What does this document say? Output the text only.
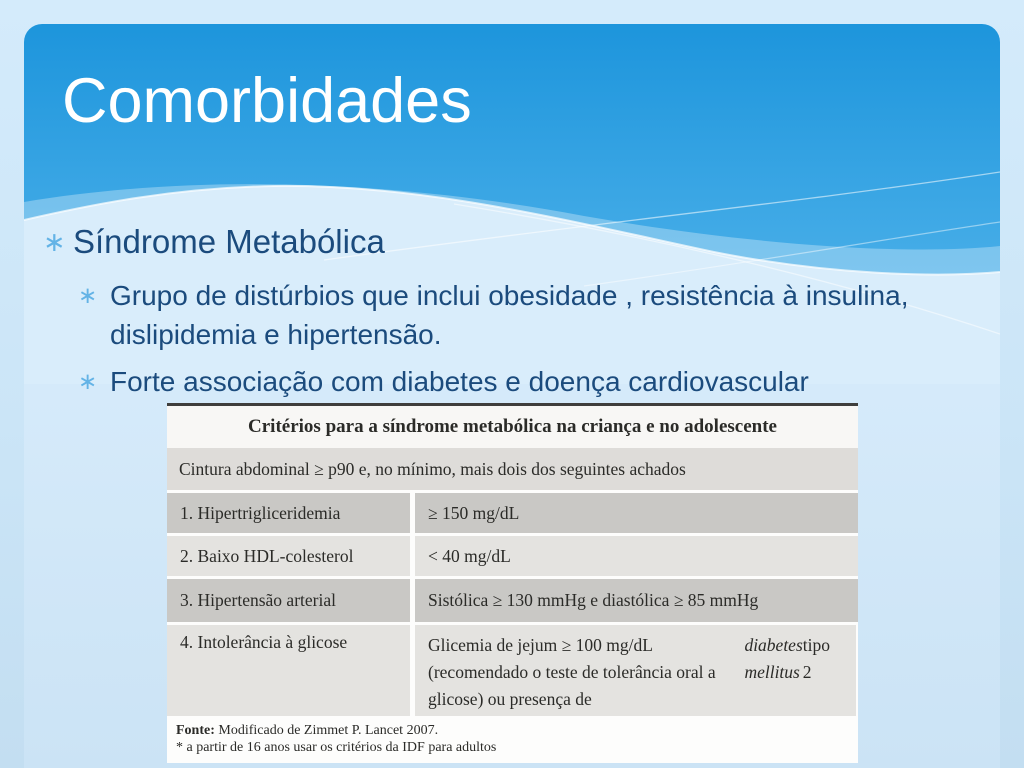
Comorbidades
∗ Síndrome Metabólica
∗ Grupo de distúrbios que inclui obesidade , resistência à insulina, dislipidemia e hipertensão.
∗ Forte associação com diabetes e doença cardiovascular
Critérios para a síndrome metabólica na criança e no adolescente
Cintura abdominal ≥ p90 e, no mínimo, mais dois dos seguintes achados
1. Hipertrigliceridemia	≥ 150 mg/dL
2. Baixo HDL-colesterol	< 40 mg/dL
3. Hipertensão arterial	Sistólica ≥ 130 mmHg e diastólica ≥ 85 mmHg
4. Intolerância à glicose	Glicemia de jejum ≥ 100 mg/dL (recomendado o teste de tolerância oral a glicose) ou presença de
diabetes mellitus
tipo 2
Fonte: Modificado de Zimmet P. Lancet 2007.
* a partir de 16 anos usar os critérios da IDF para adultos
